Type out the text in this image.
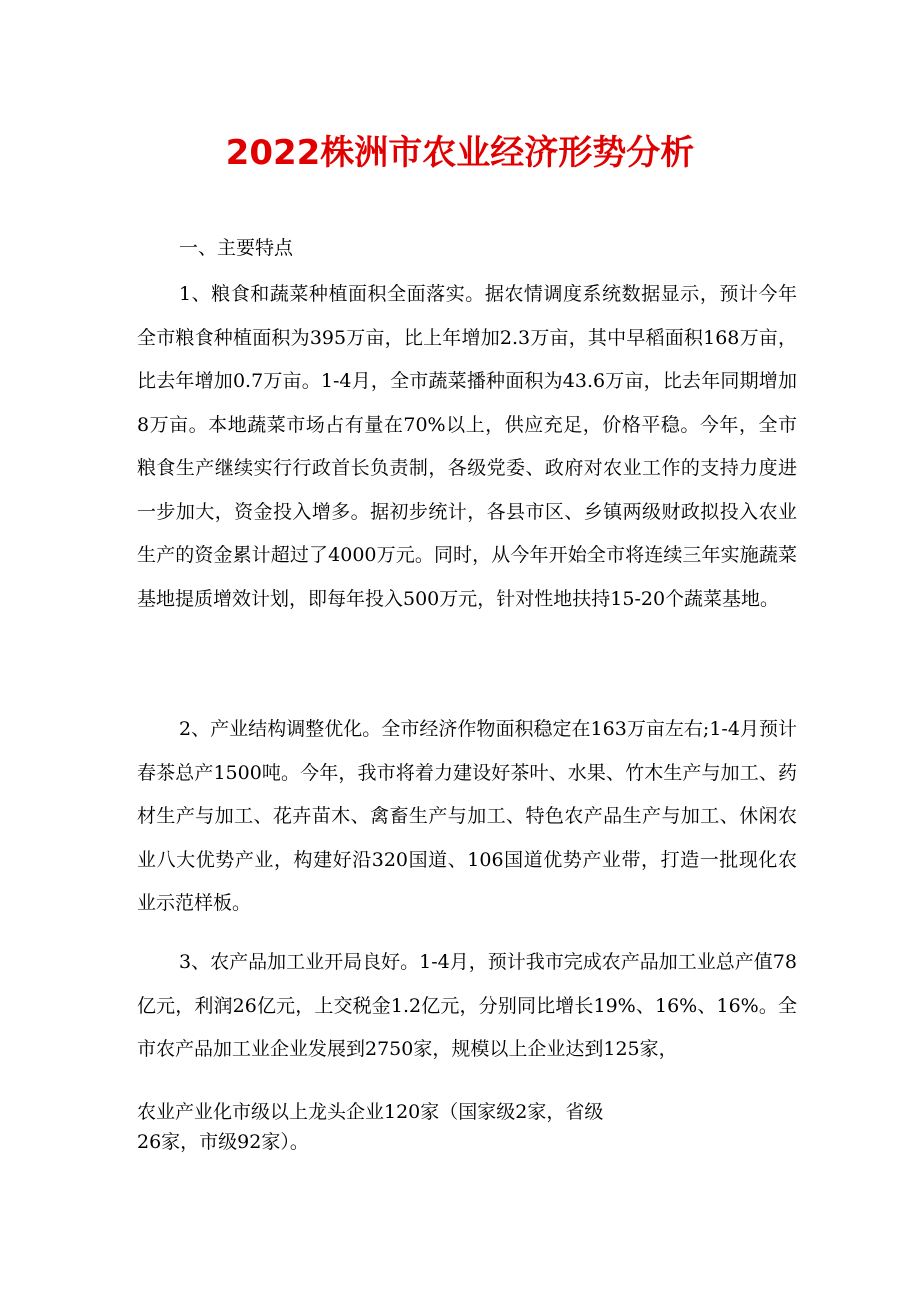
2022株洲市农业经济形势分析
一、主要特点

1、粮食和蔬菜种植面积全面落实。据农情调度系统数据显示，预计今年全市粮食种植面积为395万亩，比上年增加2.3万亩，其中早稻面积168万亩，比去年增加0.7万亩。1-4月，全市蔬菜播种面积为43.6万亩，比去年同期增加8万亩。本地蔬菜市场占有量在70%以上，供应充足，价格平稳。今年，全市粮食生产继续实行行政首长负责制，各级党委、政府对农业工作的支持力度进一步加大，资金投入增多。据初步统计，各县市区、乡镇两级财政拟投入农业生产的资金累计超过了4000万元。同时，从今年开始全市将连续三年实施蔬菜基地提质增效计划，即每年投入500万元，针对性地扶持15-20个蔬菜基地。

2、产业结构调整优化。全市经济作物面积稳定在163万亩左右;1-4月预计春茶总产1500吨。今年，我市将着力建设好茶叶、水果、竹木生产与加工、药材生产与加工、花卉苗木、禽畜生产与加工、特色农产品生产与加工、休闲农业八大优势产业，构建好沿320国道、106国道优势产业带，打造一批现化农业示范样板。

3、农产品加工业开局良好。1-4月，预计我市完成农产品加工业总产值78亿元，利润26亿元，上交税金1.2亿元，分别同比增长19%、16%、16%。全市农产品加工业企业发展到2750家，规模以上企业达到125家，

农业产业化市级以上龙头企业120家（国家级2家，省级
26家，市级92家）。
